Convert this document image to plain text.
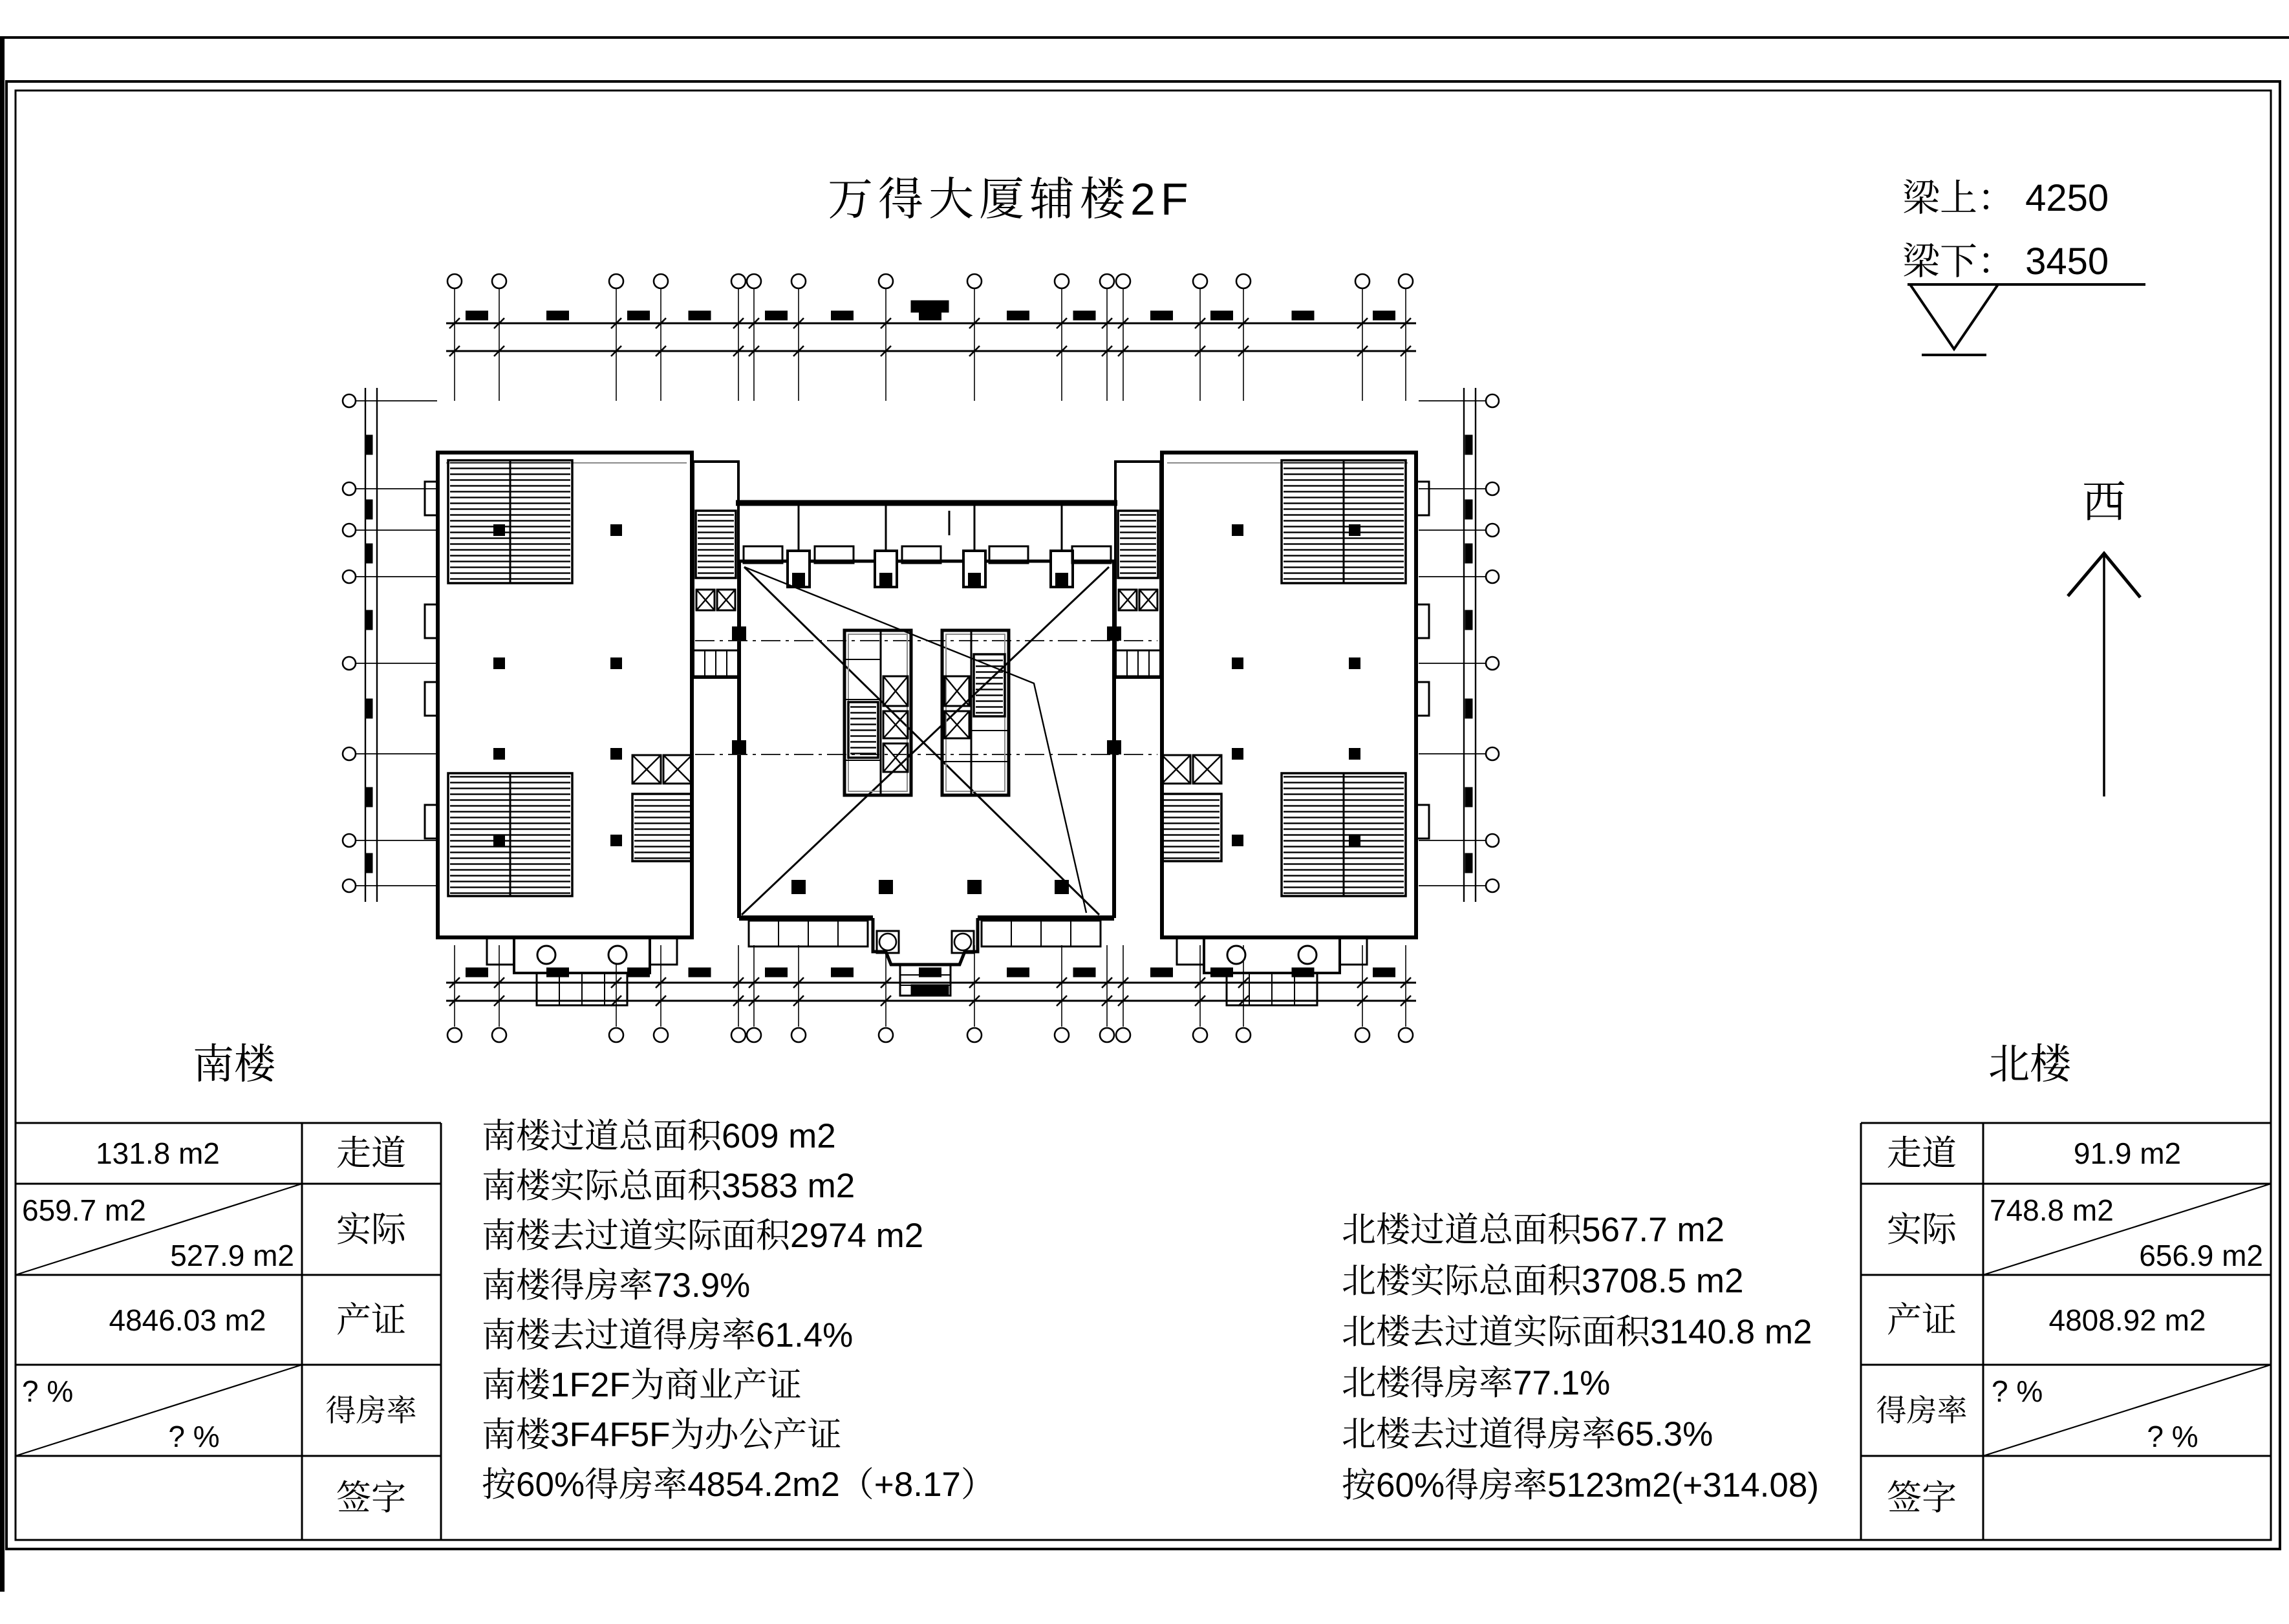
万得大厦辅楼2F	梁上： 4250
梁下： 3450
西
南楼
走道
实际
产证
得房率
签字
131.8 m2
659.7 m2
527.9 m2
4846.03 m2
? %
? %
北楼
走道
实际
产证
得房率
签字
91.9 m2
748.8 m2
656.9 m2
4808.92 m2
? %
? %
南楼过道总面积609 m2
南楼实际总面积3583 m2
南楼去过道实际面积2974 m2
南楼得房率73.9%
南楼去过道得房率61.4%
南楼1F2F为商业产证
南楼3F4F5F为办公产证
按60%得房率4854.2m2（+8.17）
北楼过道总面积567.7 m2
北楼实际总面积3708.5 m2
北楼去过道实际面积3140.8 m2
北楼得房率77.1%
北楼去过道得房率65.3%
按60%得房率5123m2(+314.08)
